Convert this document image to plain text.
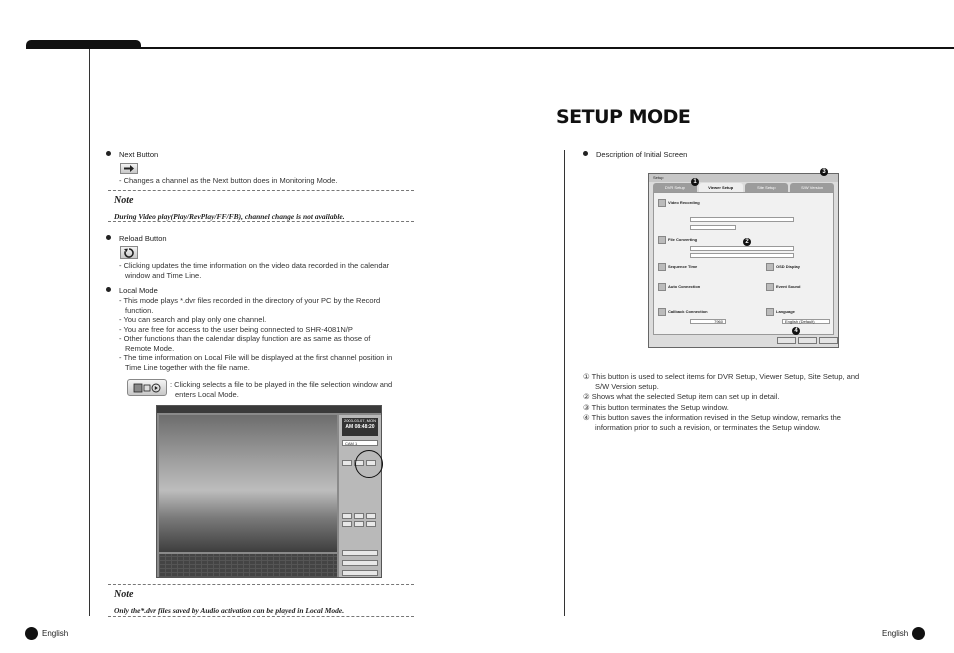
SETUP MODE
Next Button
- Changes a channel as the Next button does in Monitoring Mode.
Note
During Video play(Play/RevPlay/FF/FB), channel change is not available.
Reload Button
- Clicking updates the time information on the video data recorded in the calendar
window and Time Line.
Local Mode
- This mode plays *.dvr files recorded in the directory of your PC by the Record
function.
- You can search and play only one channel.
- You are free for access to the user being connected to SHR-4081N/P
- Other functions than the calendar display function are as same as those of
Remote Mode.
- The time information on Local File will be displayed at the first channel position in
Time Line together with the file name.
: Clicking selects a file to be played in the file selection window and
enters Local Mode.
2003-03-07, MON
AM 08:48:20
CAM 1
Note
Only the*.dvr files saved by Audio activation can be played in Local Mode.
Description of Initial Screen
Setup
DVR Setup	Viewer Setup	Site Setup	S/W Version
Video Recording
File Converting
Sequence Time	OSD Display
Auto Connection	Event Sound
Callback Connection	Language
7960	English (Default)
1
2
3
4
① This button is used to select items for DVR Setup, Viewer Setup, Site Setup, and
S/W Version setup.
② Shows what the selected Setup item can set up in detail.
③ This button terminates the Setup window.
④ This button saves the information revised in the Setup window, remarks the
information prior to such a revision, or terminates the Setup window.
English	English
